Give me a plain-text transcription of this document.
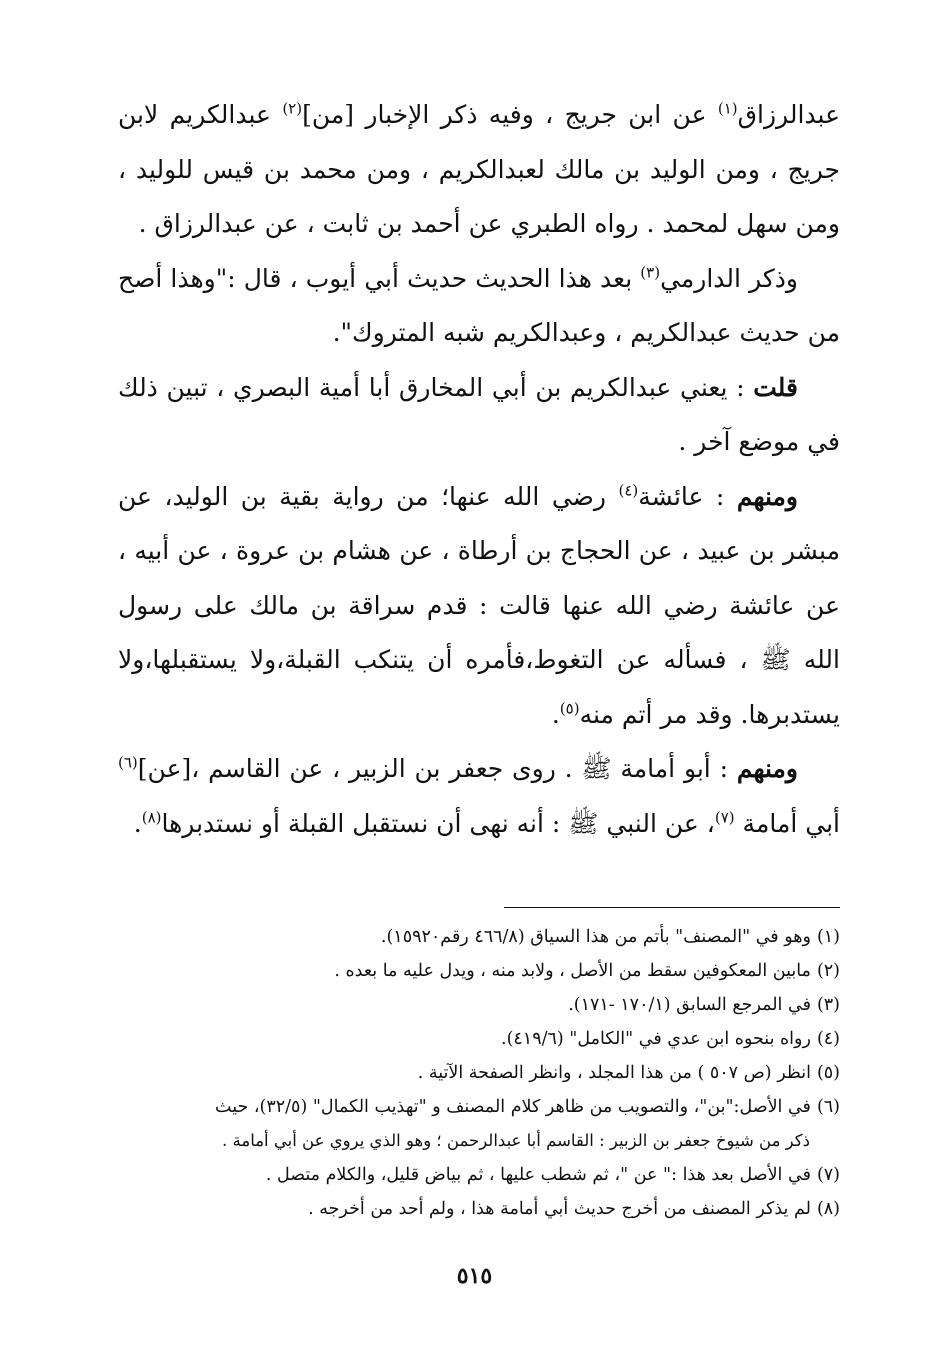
عبدالرزاق$^{(١)}$ عن ابن جريج ، وفيه ذكر الإخبار [من]$^{(٢)}$ عبدالكريم لابن جريج ، ومن الوليد بن مالك لعبدالكريم ، ومن محمد بن قيس للوليد ، ومن سهل لمحمد . رواه الطبري عن أحمد بن ثابت ، عن عبدالرزاق .

وذكر الدارمي$^{(٣)}$ بعد هذا الحديث حديث أبي أيوب ، قال :"وهذا أصح من حديث عبدالكريم ، وعبدالكريم شبه المتروك".

قلت : يعني عبدالكريم بن أبي المخارق أبا أمية البصري ، تبين ذلك في موضع آخر .

ومنهم : عائشة$^{(٤)}$ رضي الله عنها؛ من رواية بقية بن الوليد، عن مبشر بن عبيد ، عن الحجاج بن أرطاة ، عن هشام بن عروة ، عن أبيه ، عن عائشة رضي الله عنها قالت : قدم سراقة بن مالك على رسول الله ﷺ ، فسأله عن التغوط،فأمره أن يتنكب القبلة،ولا يستقبلها،ولا يستدبرها. وقد مر أتم منه$^{(٥)}$.

ومنهم : أبو أمامة ﷺ . روى جعفر بن الزبير ، عن القاسم ،[عن]$^{(٦)}$ أبي أمامة $^{(٧)}$، عن النبي ﷺ : أنه نهى أن نستقبل القبلة أو نستدبرها$^{(٨)}$.

(١)وهو في "المصنف" بأتم من هذا السياق (٤٦٦/٨ رقم١٥٩٢٠).

(٢)مابين المعكوفين سقط من الأصل ، ولابد منه ، ويدل عليه ما بعده .

(٣)في المرجع السابق (١٧٠/١ -١٧١).

(٤)رواه بنحوه ابن عدي في "الكامل" (٤١٩/٦).

(٥)انظر (ص ٥٠٧ ) من هذا المجلد ، وانظر الصفحة الآتية .

(٦)في الأصل:"بن"، والتصويب من ظاهر كلام المصنف و "تهذيب الكمال" (٣٢/٥)، حيث

ذكر من شيوخ جعفر بن الزبير : القاسم أبا عبدالرحمن ؛ وهو الذي يروي عن أبي أمامة .

(٧)في الأصل بعد هذا :" عن "، ثم شطب عليها ، ثم بياض قليل، والكلام متصل .

(٨)لم يذكر المصنف من أخرج حديث أبي أمامة هذا ، ولم أحد من أخرجه .

٥١٥
